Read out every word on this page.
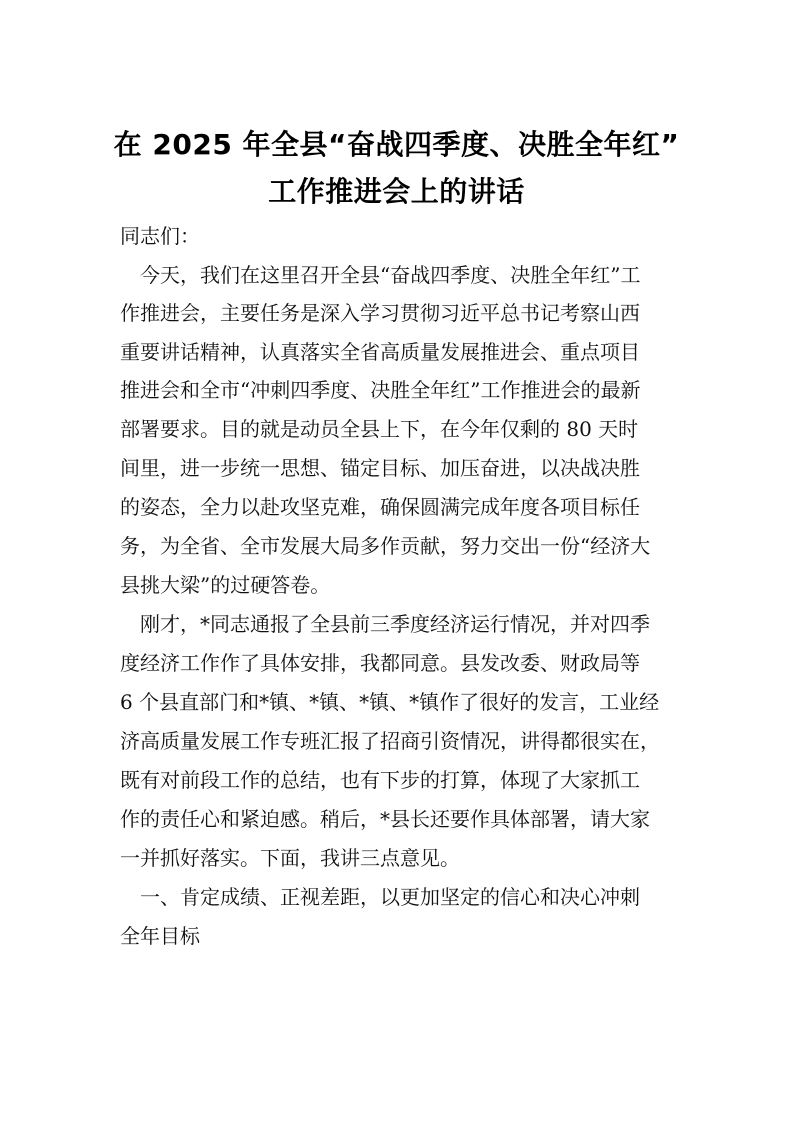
在 2025 年全县“奋战四季度、决胜全年红”
工作推进会上的讲话
同志们：
今天，我们在这里召开全县“奋战四季度、决胜全年红”工
作推进会，主要任务是深入学习贯彻习近平总书记考察山西
重要讲话精神，认真落实全省高质量发展推进会、重点项目
推进会和全市“冲刺四季度、决胜全年红”工作推进会的最新
部署要求。目的就是动员全县上下，在今年仅剩的 80 天时
间里，进一步统一思想、锚定目标、加压奋进，以决战决胜
的姿态，全力以赴攻坚克难，确保圆满完成年度各项目标任
务，为全省、全市发展大局多作贡献，努力交出一份“经济大
县挑大梁”的过硬答卷。
刚才，*同志通报了全县前三季度经济运行情况，并对四季
度经济工作作了具体安排，我都同意。县发改委、财政局等
6 个县直部门和*镇、*镇、*镇、*镇作了很好的发言，工业经
济高质量发展工作专班汇报了招商引资情况，讲得都很实在，
既有对前段工作的总结，也有下步的打算，体现了大家抓工
作的责任心和紧迫感。稍后，*县长还要作具体部署，请大家
一并抓好落实。下面，我讲三点意见。
一、肯定成绩、正视差距，以更加坚定的信心和决心冲刺
全年目标
